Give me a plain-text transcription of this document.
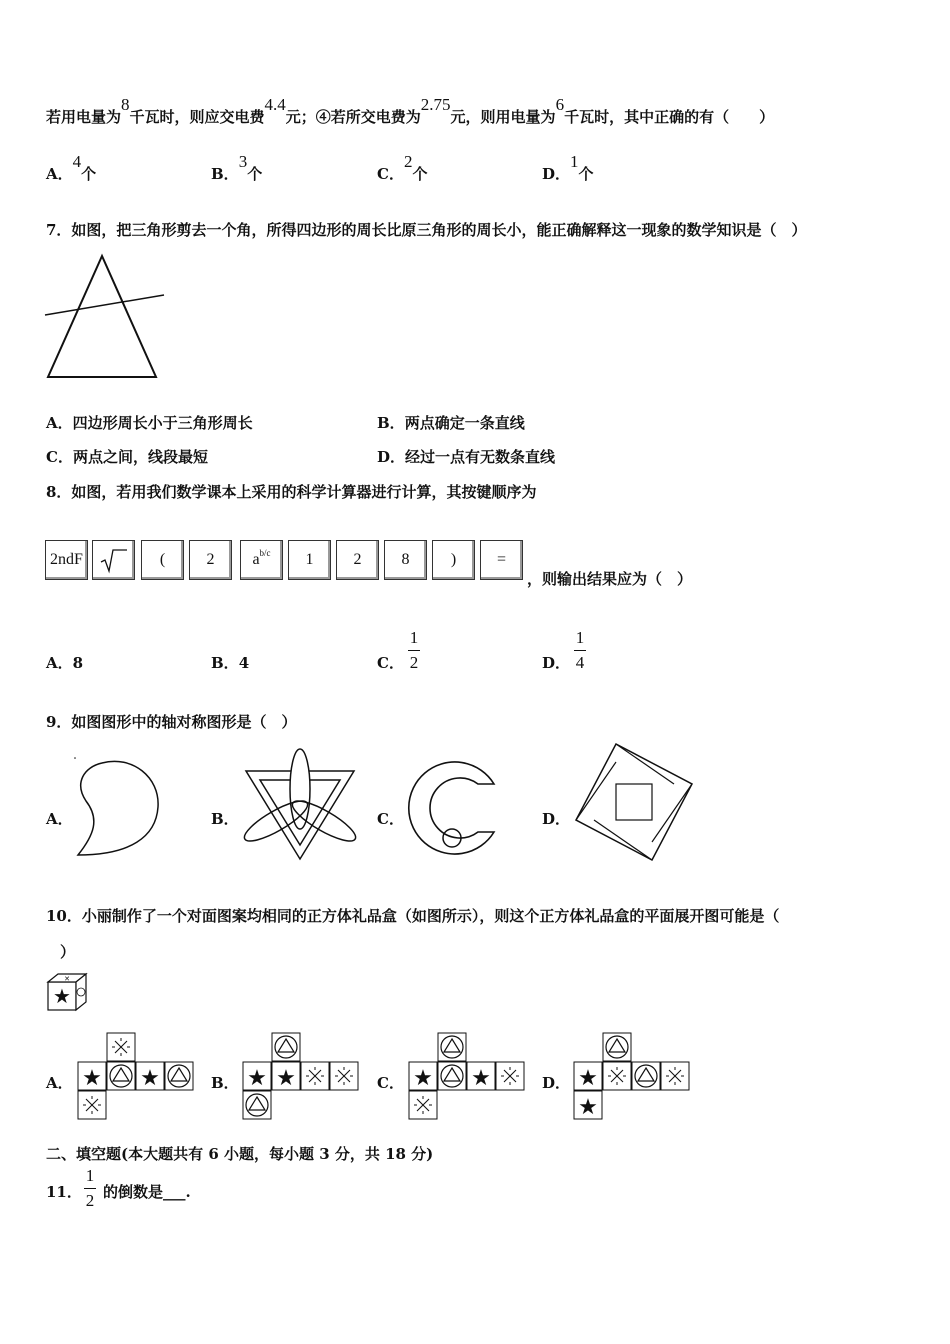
若用电量为8千瓦时，则应交电费4.4元；④若所交电费为2.75元，则用电量为6千瓦时，其中正确的有（　　）
A．4个	B．3个	C．2个	D．1个
7．如图，把三角形剪去一个角，所得四边形的周长比原三角形的周长小，能正确解释这一现象的数学知识是（　）
A．四边形周长小于三角形周长	B．两点确定一条直线
C．两点之间，线段最短	D．经过一点有无数条直线
8．如图，若用我们数学课本上采用的科学计算器进行计算，其按键顺序为
2ndF	(	2	a b/c	1	2	8	)	=
，则输出结果应为（　）
A．8	B．4	C．
1
2	D．
1
4
9．如图图形中的轴对称图形是（　）
A．	B．	C．	D．
10．小丽制作了一个对面图案均相同的正方体礼品盒（如图所示），则这个正方体礼品盒的平面展开图可能是（
）
★
✕
A．	B．	C．	D．
★
二、填空题(本大题共有 6 小题，每小题 3 分，共 18 分)
11．
1
2 的倒数是___.
